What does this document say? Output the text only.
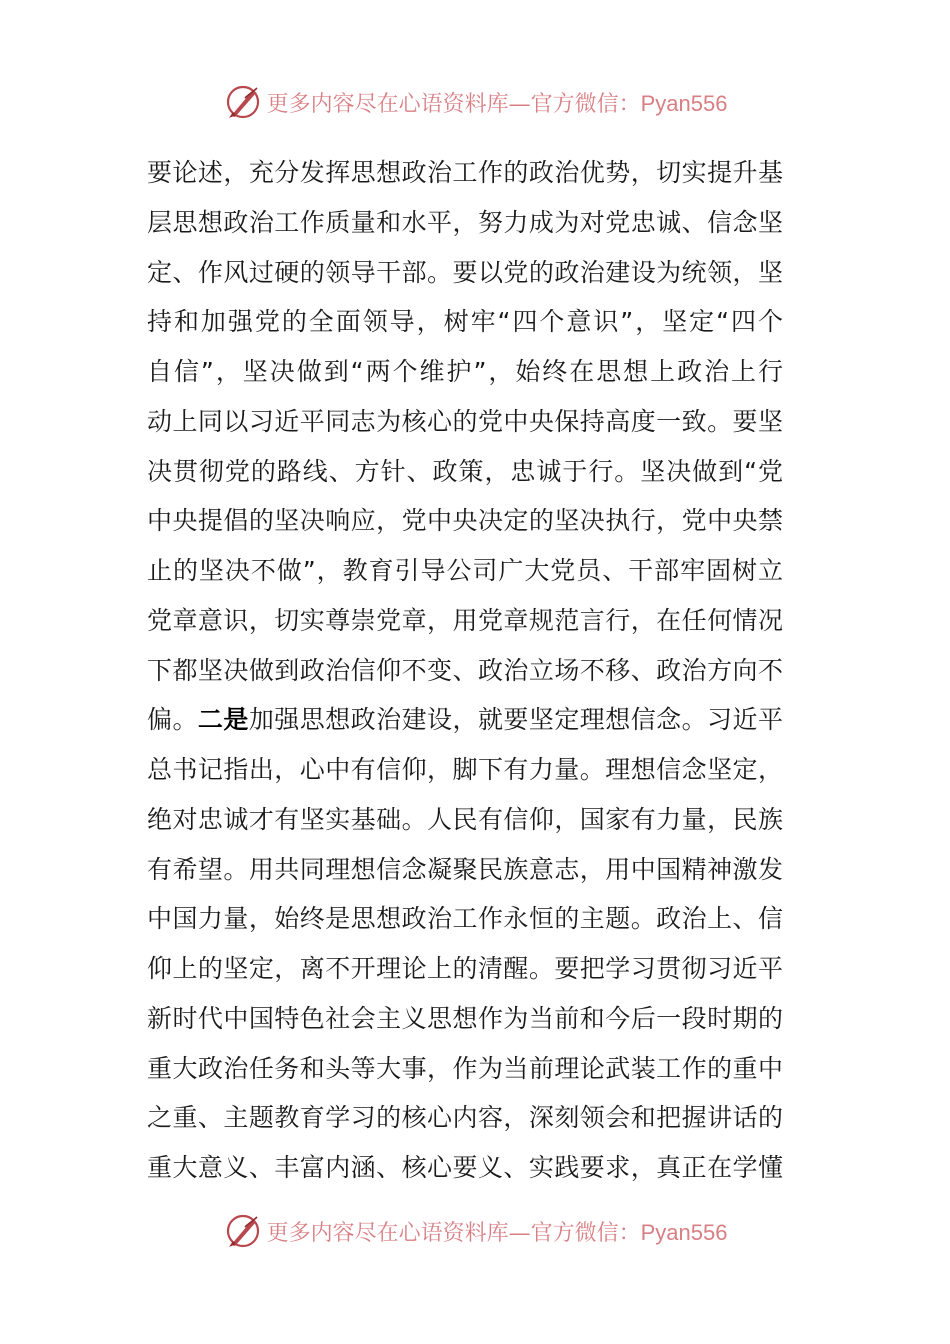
更多内容尽在心语资料库—官方微信：Pyan556
要论述，充分发挥思想政治工作的政治优势，切实提升基
层思想政治工作质量和水平，努力成为对党忠诚、信念坚
定、作风过硬的领导干部。要以党的政治建设为统领，坚
持和加强党的全面领导，树牢“四个意识”，坚定“四个
自信”，坚决做到“两个维护”，始终在思想上政治上行
动上同以习近平同志为核心的党中央保持高度一致。要坚
决贯彻党的路线、方针、政策，忠诚于行。坚决做到“党
中央提倡的坚决响应，党中央决定的坚决执行，党中央禁
止的坚决不做”，教育引导公司广大党员、干部牢固树立
党章意识，切实尊崇党章，用党章规范言行，在任何情况
下都坚决做到政治信仰不变、政治立场不移、政治方向不
偏。二是加强思想政治建设，就要坚定理想信念。习近平
总书记指出，心中有信仰，脚下有力量。理想信念坚定，
绝对忠诚才有坚实基础。人民有信仰，国家有力量，民族
有希望。用共同理想信念凝聚民族意志，用中国精神激发
中国力量，始终是思想政治工作永恒的主题。政治上、信
仰上的坚定，离不开理论上的清醒。要把学习贯彻习近平
新时代中国特色社会主义思想作为当前和今后一段时期的
重大政治任务和头等大事，作为当前理论武装工作的重中
之重、主题教育学习的核心内容，深刻领会和把握讲话的
重大意义、丰富内涵、核心要义、实践要求，真正在学懂
更多内容尽在心语资料库—官方微信：Pyan556
